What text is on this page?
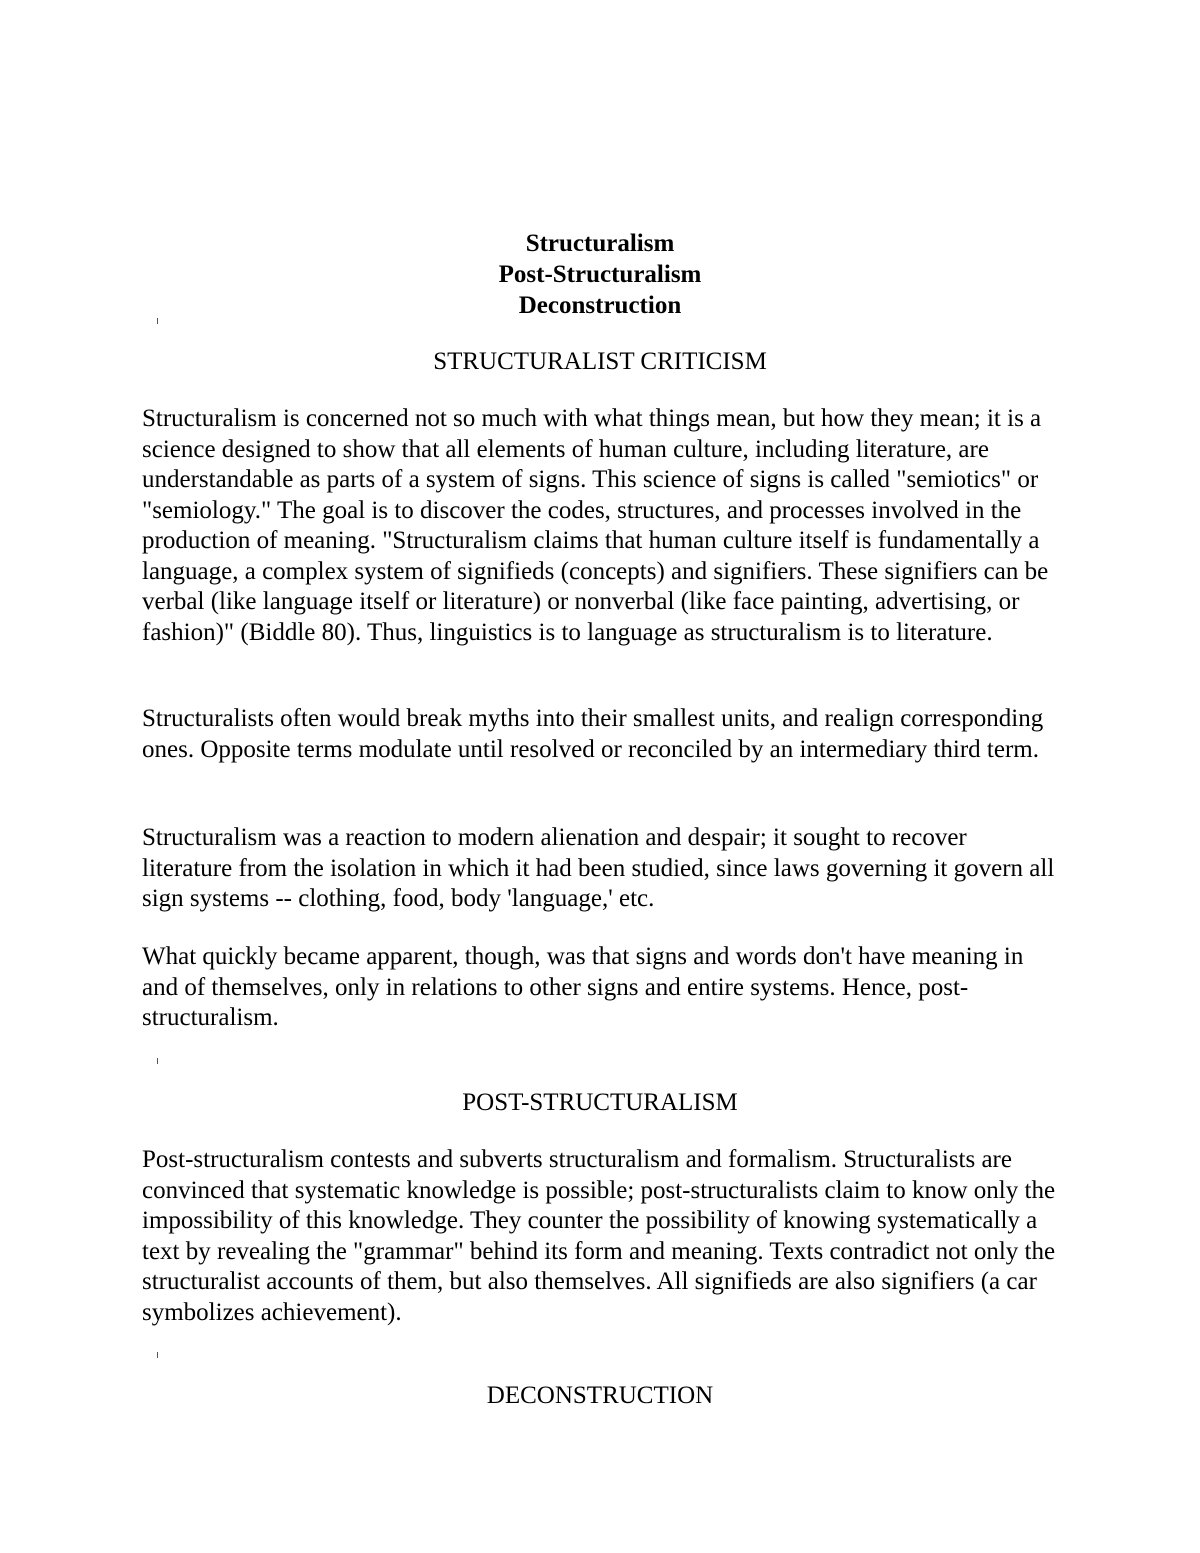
Structuralism
Post-Structuralism
Deconstruction
STRUCTURALIST CRITICISM

Structuralism is concerned not so much with what things mean, but how they mean; it is a science designed to show that all elements of human culture, including literature, are understandable as parts of a system of signs. This science of signs is called "semiotics" or "semiology." The goal is to discover the codes, structures, and processes involved in the production of meaning. "Structuralism claims that human culture itself is fundamentally a language, a complex system of signifieds (concepts) and signifiers. These signifiers can be verbal (like language itself or literature) or nonverbal (like face painting, advertising, or fashion)" (Biddle 80). Thus, linguistics is to language as structuralism is to literature.

Structuralists often would break myths into their smallest units, and realign corresponding ones. Opposite terms modulate until resolved or reconciled by an intermediary third term.

Structuralism was a reaction to modern alienation and despair; it sought to recover literature from the isolation in which it had been studied, since laws governing it govern all sign systems -- clothing, food, body 'language,' etc.

What quickly became apparent, though, was that signs and words don't have meaning in and of themselves, only in relations to other signs and entire systems. Hence, post-structuralism.

POST-STRUCTURALISM

Post-structuralism contests and subverts structuralism and formalism. Structuralists are convinced that systematic knowledge is possible; post-structuralists claim to know only the impossibility of this knowledge. They counter the possibility of knowing systematically a text by revealing the "grammar" behind its form and meaning. Texts contradict not only the structuralist accounts of them, but also themselves. All signifieds are also signifiers (a car symbolizes achievement).

DECONSTRUCTION
